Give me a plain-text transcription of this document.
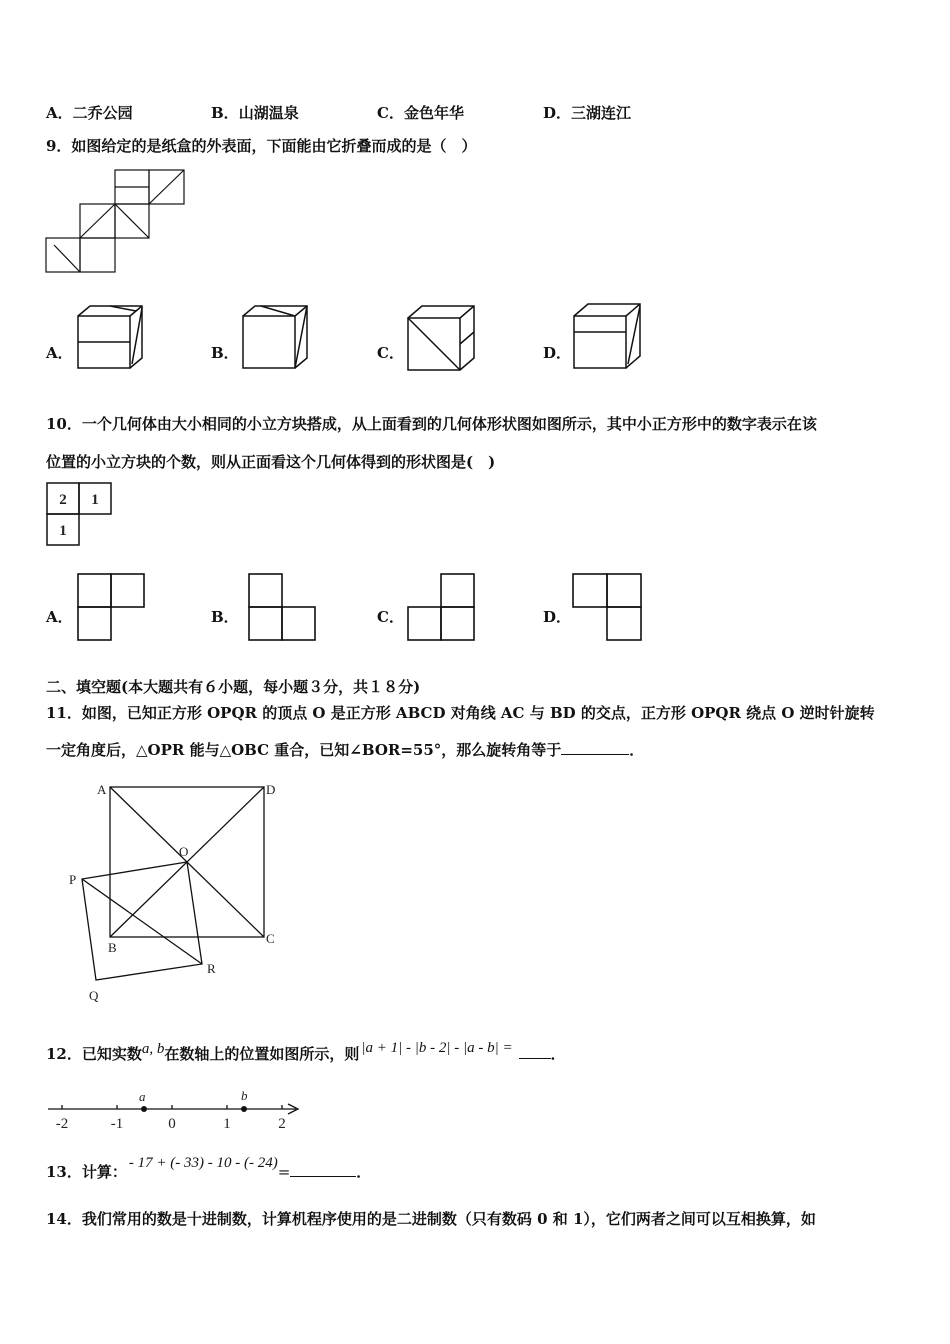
A．二乔公园	B．山湖温泉	C．金色年华	D．三湖连江
9．如图给定的是纸盒的外表面，下面能由它折叠而成的是（　）
A．	B．	C．	D．
10．一个几何体由大小相同的小立方块搭成，从上面看到的几何体形状图如图所示，其中小正方形中的数字表示在该
位置的小立方块的个数，则从正面看这个几何体得到的形状图是(　)
2 1
1
A．	B．	C．	D．
二、填空题(本大题共有６小题，每小题３分，共１８分)
11．如图，已知正方形 OPQR 的顶点 O 是正方形 ABCD 对角线 AC 与 BD 的交点，正方形 OPQR 绕点 O 逆时针旋转
一定角度后，△OPR 能与△OBC 重合，已知∠BOR=55°，那么旋转角等于	．
A	D
O
P
B
C
R
Q
12．已知实数a, b在数轴上的位置如图所示，则 |a + 1| - |b - 2| - |a - b| =	．
a	b
-2	-1	0	1	2
13．计算： - 17 + (- 33) - 10 - (- 24)=	．
14．我们常用的数是十进制数，计算机程序使用的是二进制数（只有数码 0 和 1），它们两者之间可以互相换算，如
